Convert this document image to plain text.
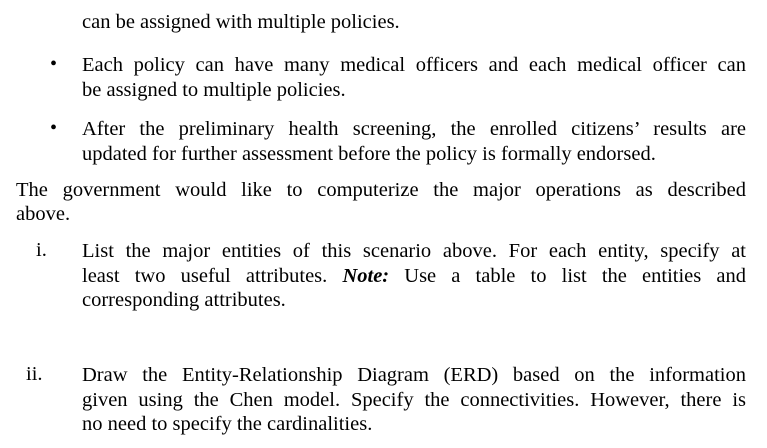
can be assigned with multiple policies.
• Each policy can have many medical officers and each medical officer can
be assigned to multiple policies.
• After the preliminary health screening, the enrolled citizens’ results are
updated for further assessment before the policy is formally endorsed.
The government would like to computerize the major operations as described
above.
i. List the major entities of this scenario above. For each entity, specify at
least two useful attributes. Note: Use a table to list the entities and
corresponding attributes.
ii. Draw the Entity-Relationship Diagram (ERD) based on the information
given using the Chen model. Specify the connectivities. However, there is
no need to specify the cardinalities.
